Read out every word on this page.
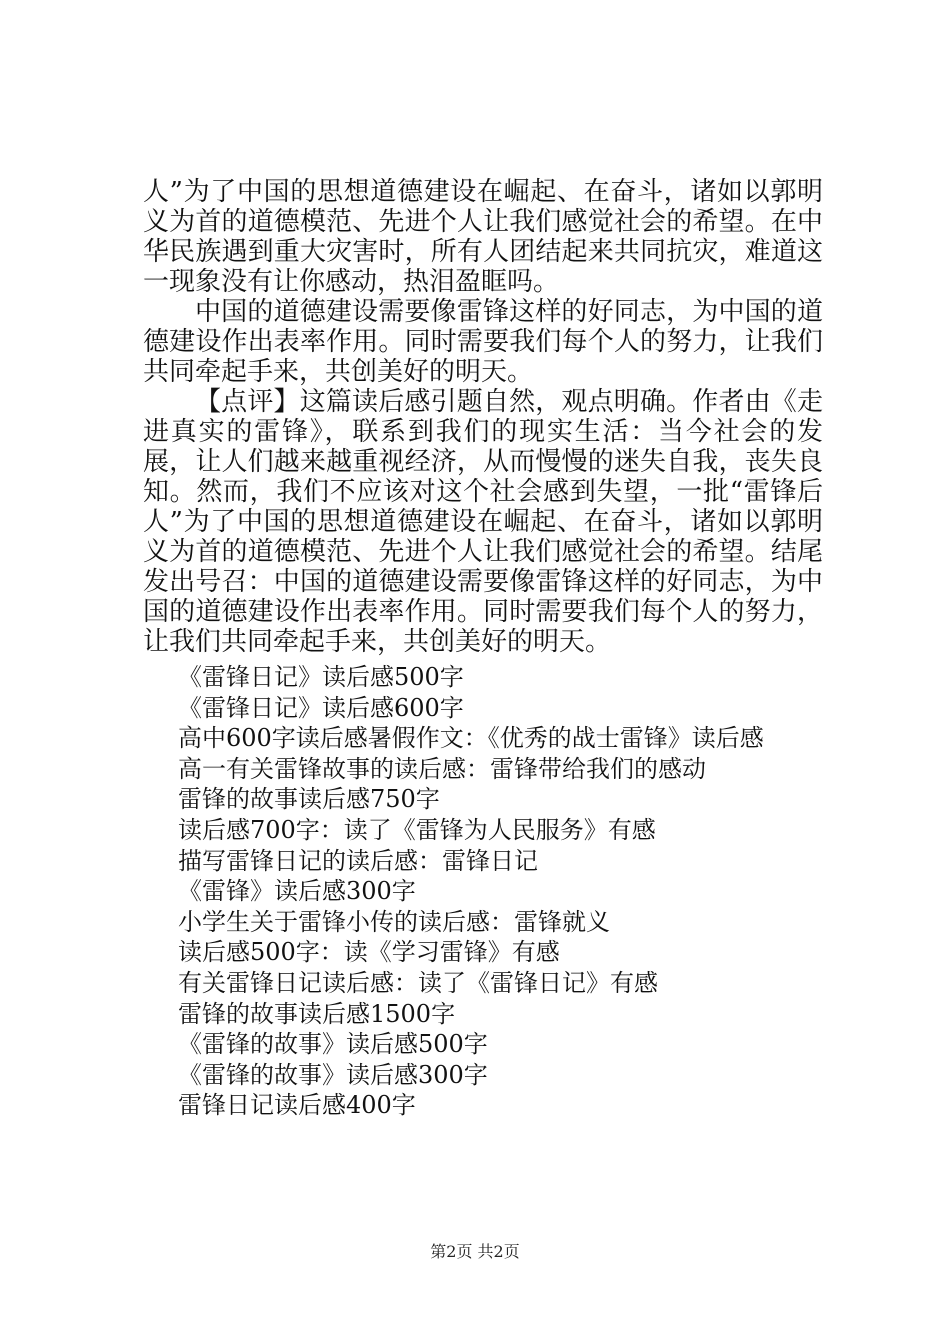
人”为了中国的思想道德建设在崛起、在奋斗，诸如以郭明义为首的道德模范、先进个人让我们感觉社会的希望。在中华民族遇到重大灾害时，所有人团结起来共同抗灾，难道这一现象没有让你感动，热泪盈眶吗。

中国的道德建设需要像雷锋这样的好同志，为中国的道德建设作出表率作用。同时需要我们每个人的努力，让我们共同牵起手来，共创美好的明天。

【点评】这篇读后感引题自然，观点明确。作者由《走进真实的雷锋》，联系到我们的现实生活：当今社会的发展，让人们越来越重视经济，从而慢慢的迷失自我，丧失良知。然而，我们不应该对这个社会感到失望，一批“雷锋后人”为了中国的思想道德建设在崛起、在奋斗，诸如以郭明义为首的道德模范、先进个人让我们感觉社会的希望。结尾发出号召：中国的道德建设需要像雷锋这样的好同志，为中国的道德建设作出表率作用。同时需要我们每个人的努力，让我们共同牵起手来，共创美好的明天。

《雷锋日记》读后感500字
《雷锋日记》读后感600字
高中600字读后感暑假作文：《优秀的战士雷锋》读后感
高一有关雷锋故事的读后感：雷锋带给我们的感动
雷锋的故事读后感750字
读后感700字：读了《雷锋为人民服务》有感
描写雷锋日记的读后感：雷锋日记
《雷锋》读后感300字
小学生关于雷锋小传的读后感：雷锋就义
读后感500字：读《学习雷锋》有感
有关雷锋日记读后感：读了《雷锋日记》有感
雷锋的故事读后感1500字
《雷锋的故事》读后感500字
《雷锋的故事》读后感300字
雷锋日记读后感400字
第2页 共2页
